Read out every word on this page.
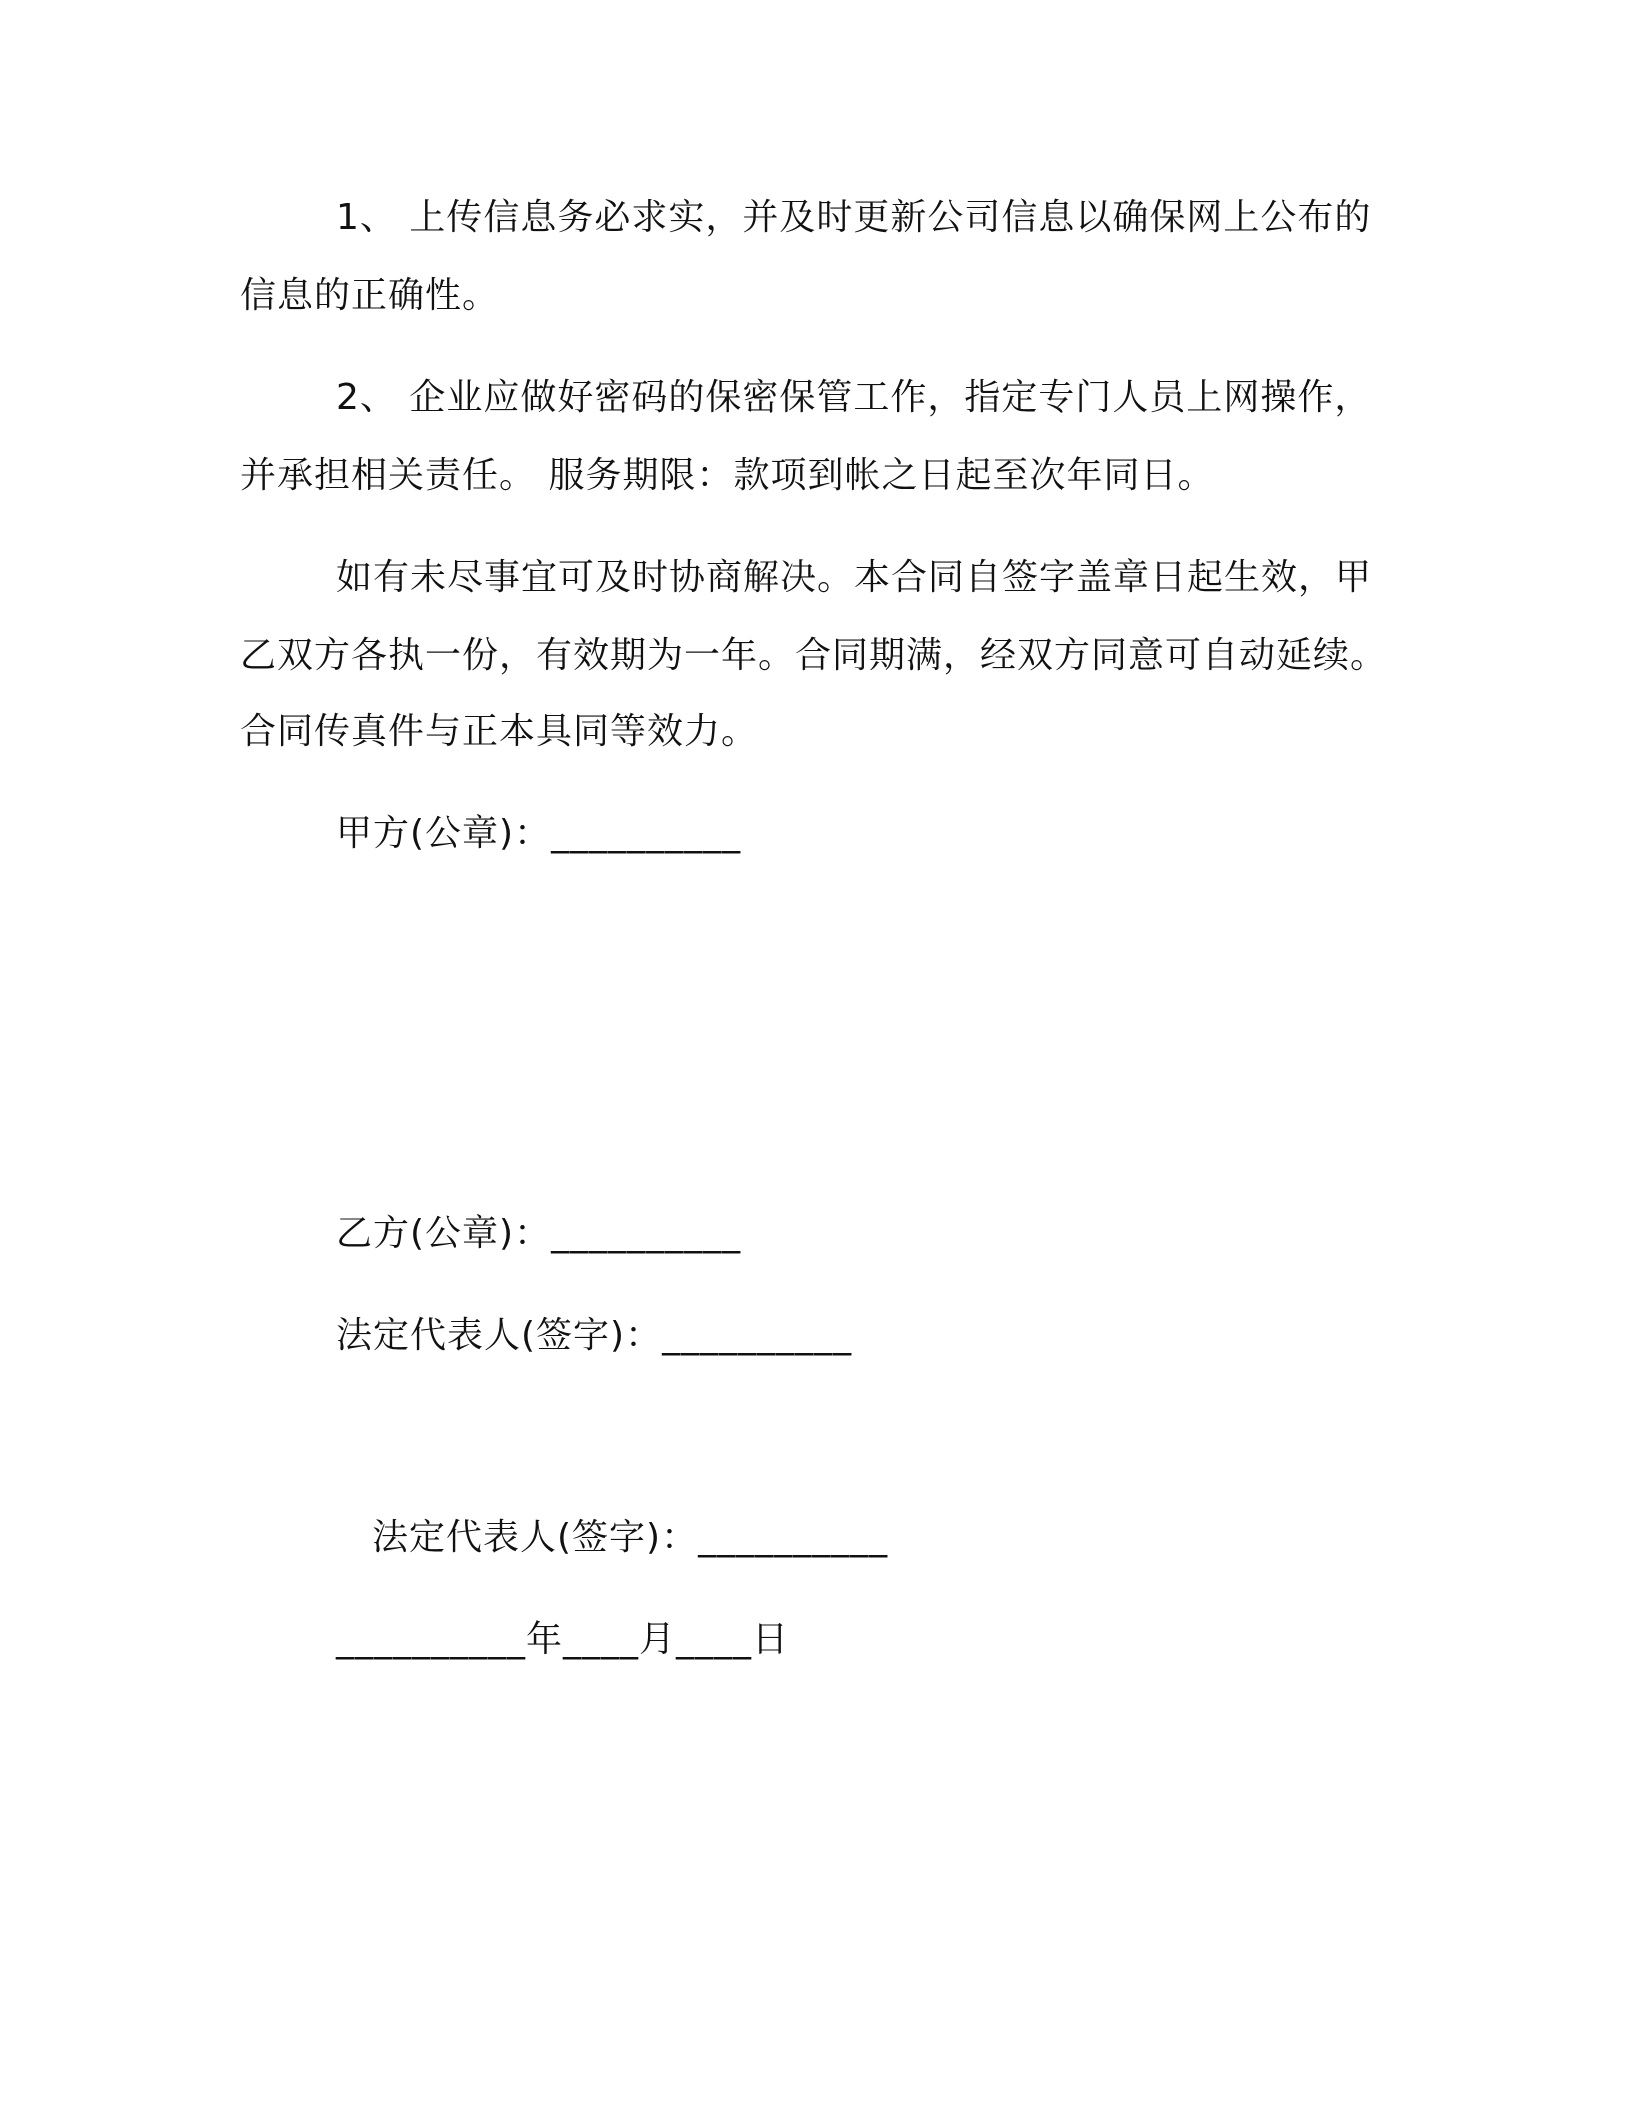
1、 上传信息务必求实，并及时更新公司信息以确保网上公布的
信息的正确性。
2、 企业应做好密码的保密保管工作，指定专门人员上网操作，
并承担相关责任。 服务期限：款项到帐之日起至次年同日。
如有未尽事宜可及时协商解决。本合同自签字盖章日起生效，甲
乙双方各执一份，有效期为一年。合同期满，经双方同意可自动延续。
合同传真件与正本具同等效力。
甲方(公章)：__________
乙方(公章)：__________
法定代表人(签字)：__________
法定代表人(签字)：__________
__________年____月____日
